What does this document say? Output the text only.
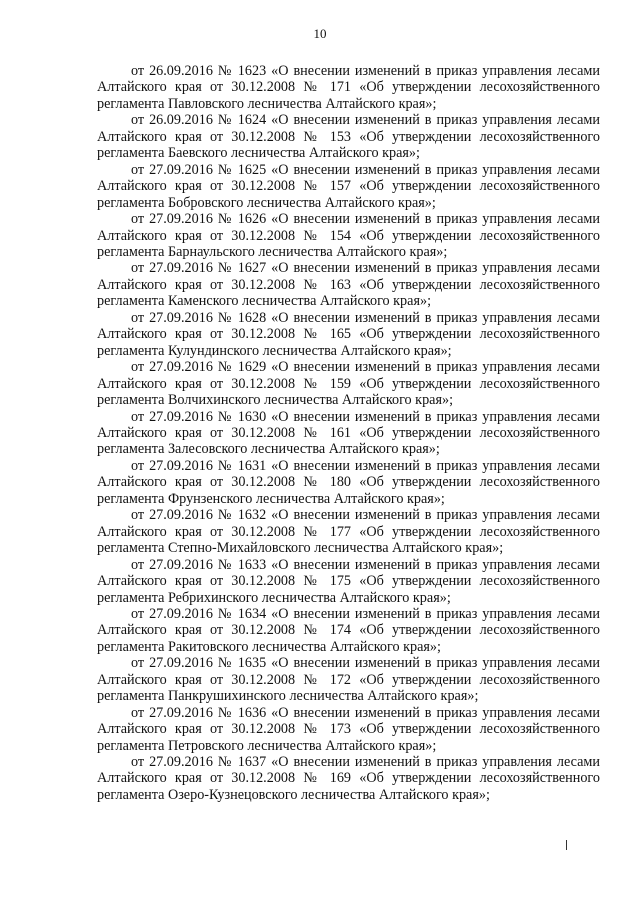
10
от 26.09.2016 № 1623 «О внесении изменений в приказ управления лесами
Алтайского края от 30.12.2008 № 171 «Об утверждении лесохозяйственного
регламента Павловского лесничества Алтайского края»;
от 26.09.2016 № 1624 «О внесении изменений в приказ управления лесами
Алтайского края от 30.12.2008 № 153 «Об утверждении лесохозяйственного
регламента Баевского лесничества Алтайского края»;
от 27.09.2016 № 1625 «О внесении изменений в приказ управления лесами
Алтайского края от 30.12.2008 № 157 «Об утверждении лесохозяйственного
регламента Бобровского лесничества Алтайского края»;
от 27.09.2016 № 1626 «О внесении изменений в приказ управления лесами
Алтайского края от 30.12.2008 № 154 «Об утверждении лесохозяйственного
регламента Барнаульского лесничества Алтайского края»;
от 27.09.2016 № 1627 «О внесении изменений в приказ управления лесами
Алтайского края от 30.12.2008 № 163 «Об утверждении лесохозяйственного
регламента Каменского лесничества Алтайского края»;
от 27.09.2016 № 1628 «О внесении изменений в приказ управления лесами
Алтайского края от 30.12.2008 № 165 «Об утверждении лесохозяйственного
регламента Кулундинского лесничества Алтайского края»;
от 27.09.2016 № 1629 «О внесении изменений в приказ управления лесами
Алтайского края от 30.12.2008 № 159 «Об утверждении лесохозяйственного
регламента Волчихинского лесничества Алтайского края»;
от 27.09.2016 № 1630 «О внесении изменений в приказ управления лесами
Алтайского края от 30.12.2008 № 161 «Об утверждении лесохозяйственного
регламента Залесовского лесничества Алтайского края»;
от 27.09.2016 № 1631 «О внесении изменений в приказ управления лесами
Алтайского края от 30.12.2008 № 180 «Об утверждении лесохозяйственного
регламента Фрунзенского лесничества Алтайского края»;
от 27.09.2016 № 1632 «О внесении изменений в приказ управления лесами
Алтайского края от 30.12.2008 № 177 «Об утверждении лесохозяйственного
регламента Степно-Михайловского лесничества Алтайского края»;
от 27.09.2016 № 1633 «О внесении изменений в приказ управления лесами
Алтайского края от 30.12.2008 № 175 «Об утверждении лесохозяйственного
регламента Ребрихинского лесничества Алтайского края»;
от 27.09.2016 № 1634 «О внесении изменений в приказ управления лесами
Алтайского края от 30.12.2008 № 174 «Об утверждении лесохозяйственного
регламента Ракитовского лесничества Алтайского края»;
от 27.09.2016 № 1635 «О внесении изменений в приказ управления лесами
Алтайского края от 30.12.2008 № 172 «Об утверждении лесохозяйственного
регламента Панкрушихинского лесничества Алтайского края»;
от 27.09.2016 № 1636 «О внесении изменений в приказ управления лесами
Алтайского края от 30.12.2008 № 173 «Об утверждении лесохозяйственного
регламента Петровского лесничества Алтайского края»;
от 27.09.2016 № 1637 «О внесении изменений в приказ управления лесами
Алтайского края от 30.12.2008 № 169 «Об утверждении лесохозяйственного
регламента Озеро-Кузнецовского лесничества Алтайского края»;
